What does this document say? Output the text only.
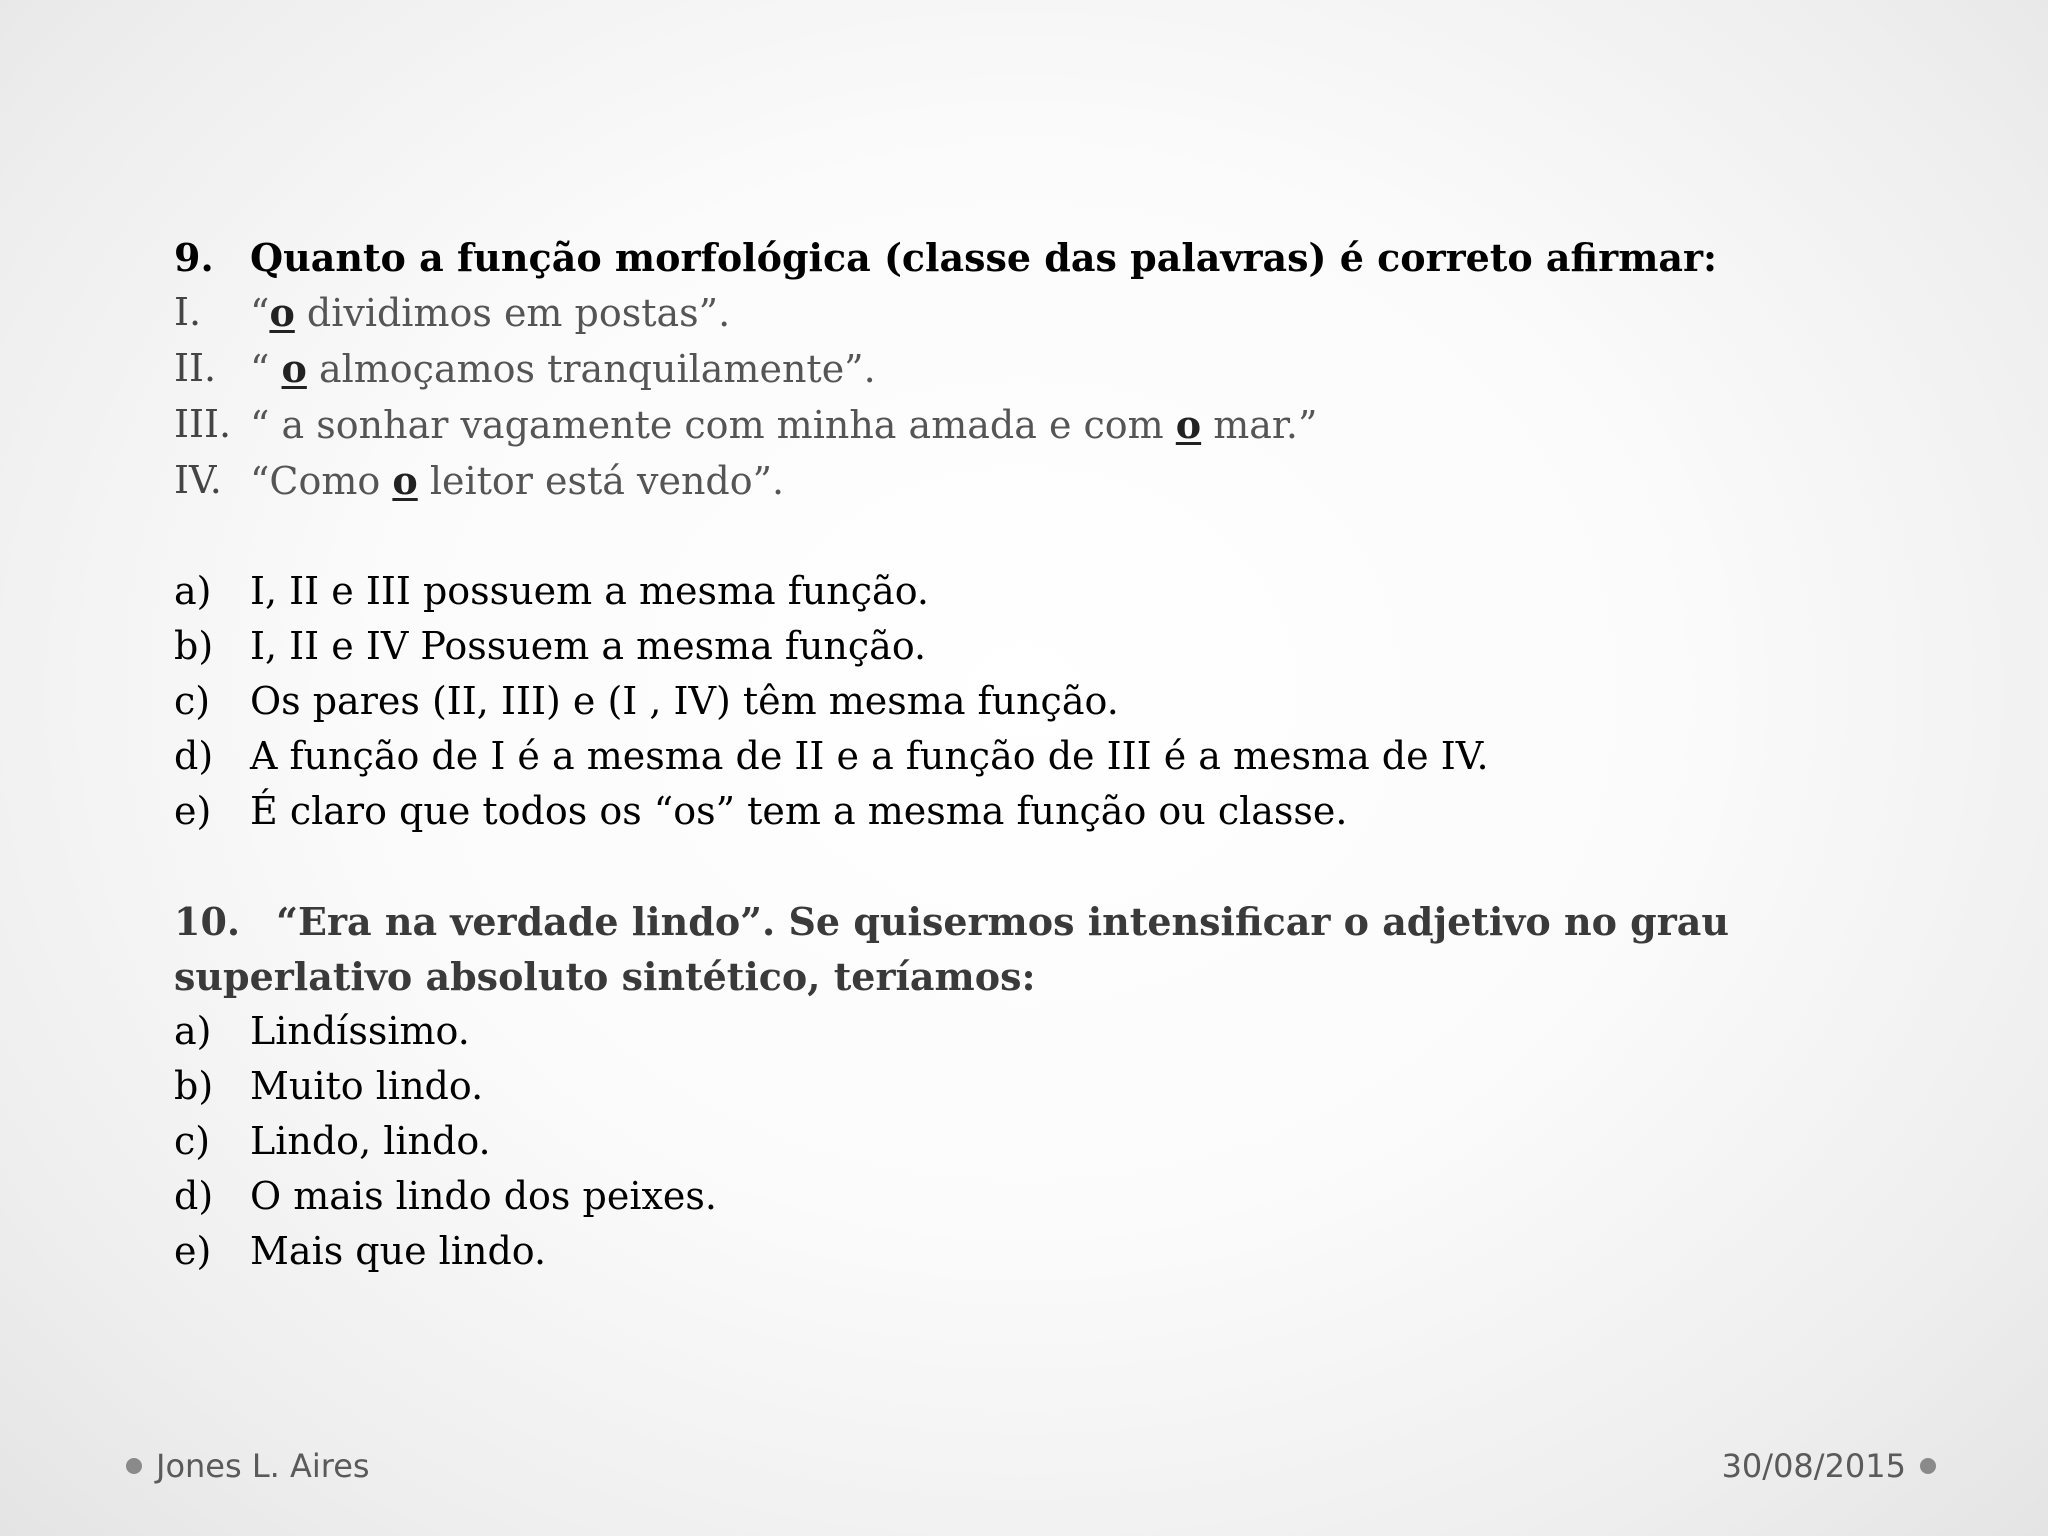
9. Quanto a função morfológica (classe das palavras) é correto afirmar:
I. “o dividimos em postas”.
II. “ o almoçamos tranquilamente”.
III. “ a sonhar vagamente com minha amada e com o mar.”
IV. “Como o leitor está vendo”.
a) I, II e III possuem a mesma função.
b) I, II e IV Possuem a mesma função.
c) Os pares (II, III) e (I , IV) têm mesma função.
d) A função de I é a mesma de II e a função de III é a mesma de IV.
e) É claro que todos os “os” tem a mesma função ou classe.
10. “Era na verdade lindo”. Se quisermos intensificar o adjetivo no grau superlativo absoluto sintético, teríamos:
a) Lindíssimo.
b) Muito lindo.
c) Lindo, lindo.
d) O mais lindo dos peixes.
e) Mais que lindo.
Jones L. Aires	30/08/2015
